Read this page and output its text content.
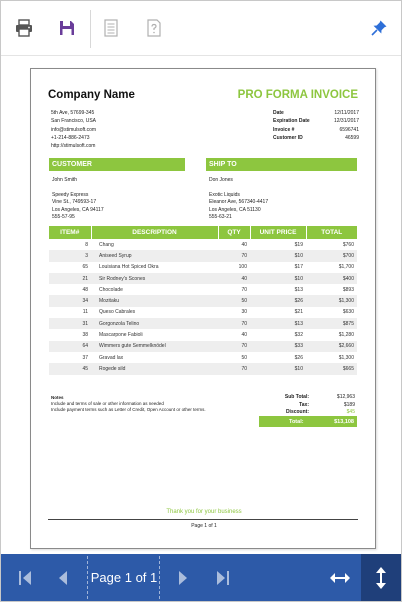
Company Name	PRO FORMA INVOICE
5th Ave, 57699-345
San Francisco, USA
info@stimulsoft.com
+1-214-886-2473
http://stimulsoft.com
Date	12/11/2017
Expiration Date	12/31/2017
Invoice #	6596741
Customer ID	46599
CUSTOMER	SHIP TO
John Smith

Speedy Express
Vine St., 749593-17
Los Angeles, CA 94117
555-57-95
Don Jones

Exotic Liquids
Eleanor Ave, 567340-4417
Los Angeles, CA 51130
555-63-21
ITEM#	DESCRIPTION	QTY	UNIT PRICE	TOTAL
8	Chang	40	$19	$760
3	Aniseed Syrup	70	$10	$700
65	Louisiana Hot Spiced Okra	100	$17	$1,700
21	Sir Rodney's Scones	40	$10	$400
48	Chocolade	70	$13	$893
34	Mozitaku	50	$26	$1,300
11	Queso Cabrales	30	$21	$630
31	Gorgonzola Telino	70	$13	$875
38	Mascarpone Fabioli	40	$32	$1,280
64	Wimmers gute Semmelknödel	70	$33	$2,660
37	Gravad lax	50	$26	$1,300
45	Rogede sild	70	$10	$665
Notes
Include and terms of sale or other information as needed
Include payment terms such as Letter of Credit, Open Account or other terms.
Sub Total:	$12,963
Tax:	$189
Discount:	$45
Total:	$13,108
Thank you for your business
Page 1 of 1
Page 1 of 1
